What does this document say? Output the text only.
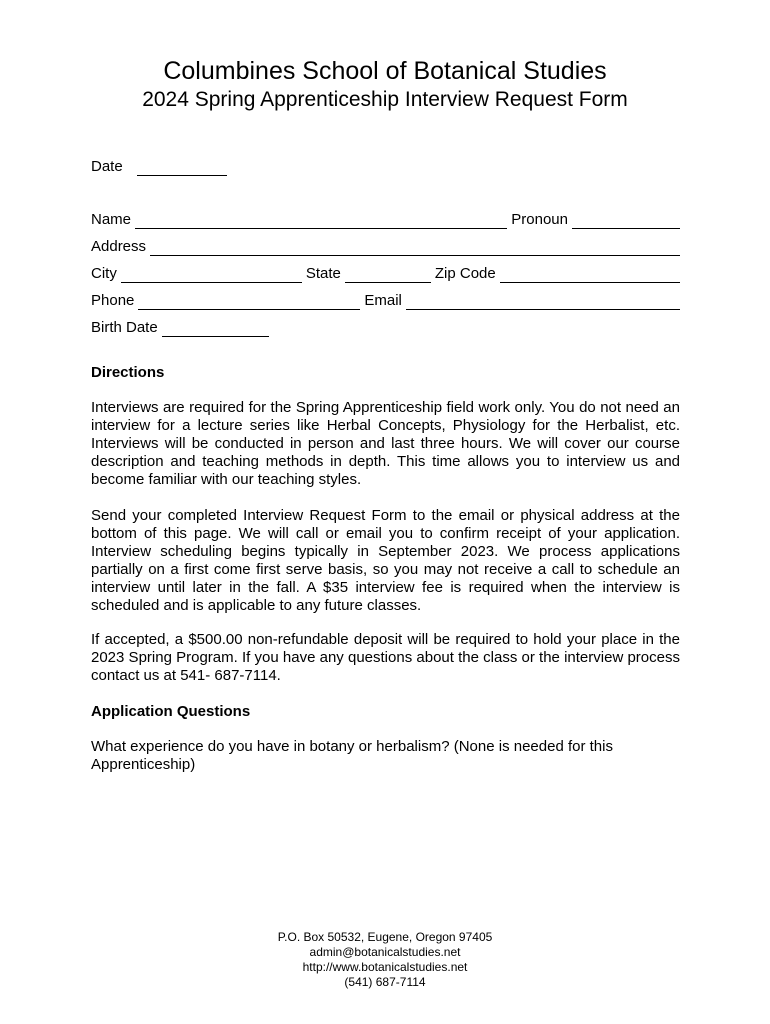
Columbines School of Botanical Studies
2024 Spring Apprenticeship Interview Request Form
Date
Name	Pronoun
Address
City	State	Zip Code
Phone	Email
Birth Date
Directions

Interviews are required for the Spring Apprenticeship field work only. You do not need an interview for a lecture series like Herbal Concepts, Physiology for the Herbalist, etc. Interviews will be conducted in person and last three hours. We will cover our course description and teaching methods in depth. This time allows you to interview us and become familiar with our teaching styles.

Send your completed Interview Request Form to the email or physical address at the bottom of this page. We will call or email you to confirm receipt of your application. Interview scheduling begins typically in September 2023. We process applications partially on a first come first serve basis, so you may not receive a call to schedule an interview until later in the fall. A $35 interview fee is required when the interview is scheduled and is applicable to any future classes.

If accepted, a $500.00 non-refundable deposit will be required to hold your place in the 2023 Spring Program. If you have any questions about the class or the interview process contact us at 541- 687-7114.

Application Questions

What experience do you have in botany or herbalism? (None is needed for this Apprenticeship)

P.O. Box 50532, Eugene, Oregon 97405
admin@botanicalstudies.net
http://www.botanicalstudies.net
(541) 687-7114
